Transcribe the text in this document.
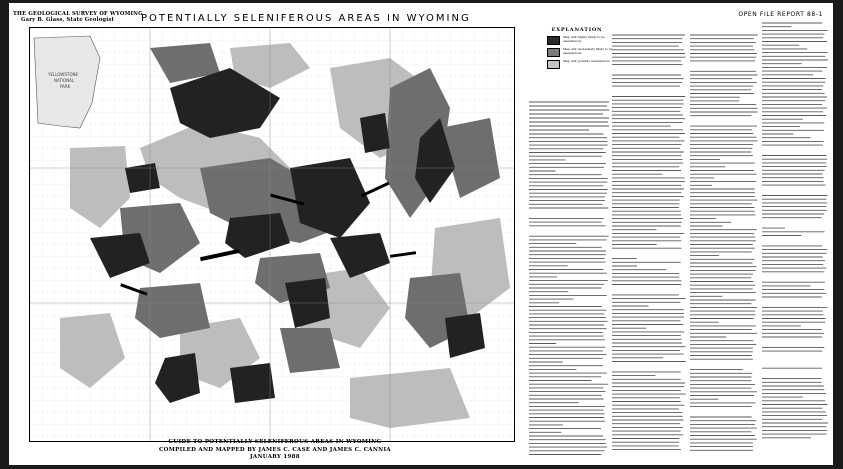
THE GEOLOGICAL SURVEY OF WYOMING
Gary B. Glass, State Geologist	POTENTIALLY SELENIFEROUS AREAS IN WYOMING	OPEN FILE REPORT 88-1
YELLOWSTONE
NATIONAL
PARK

GUIDE TO POTENTIALLY SELENIFEROUS AREAS IN WYOMING
COMPILED AND MAPPED BY JAMES C. CASE AND JAMES C. CANNIA
JANUARY 1988
EXPLANATION
Map unit highly likely to be seleniferous
Map unit moderately likely to be seleniferous
Map unit possibly seleniferous
